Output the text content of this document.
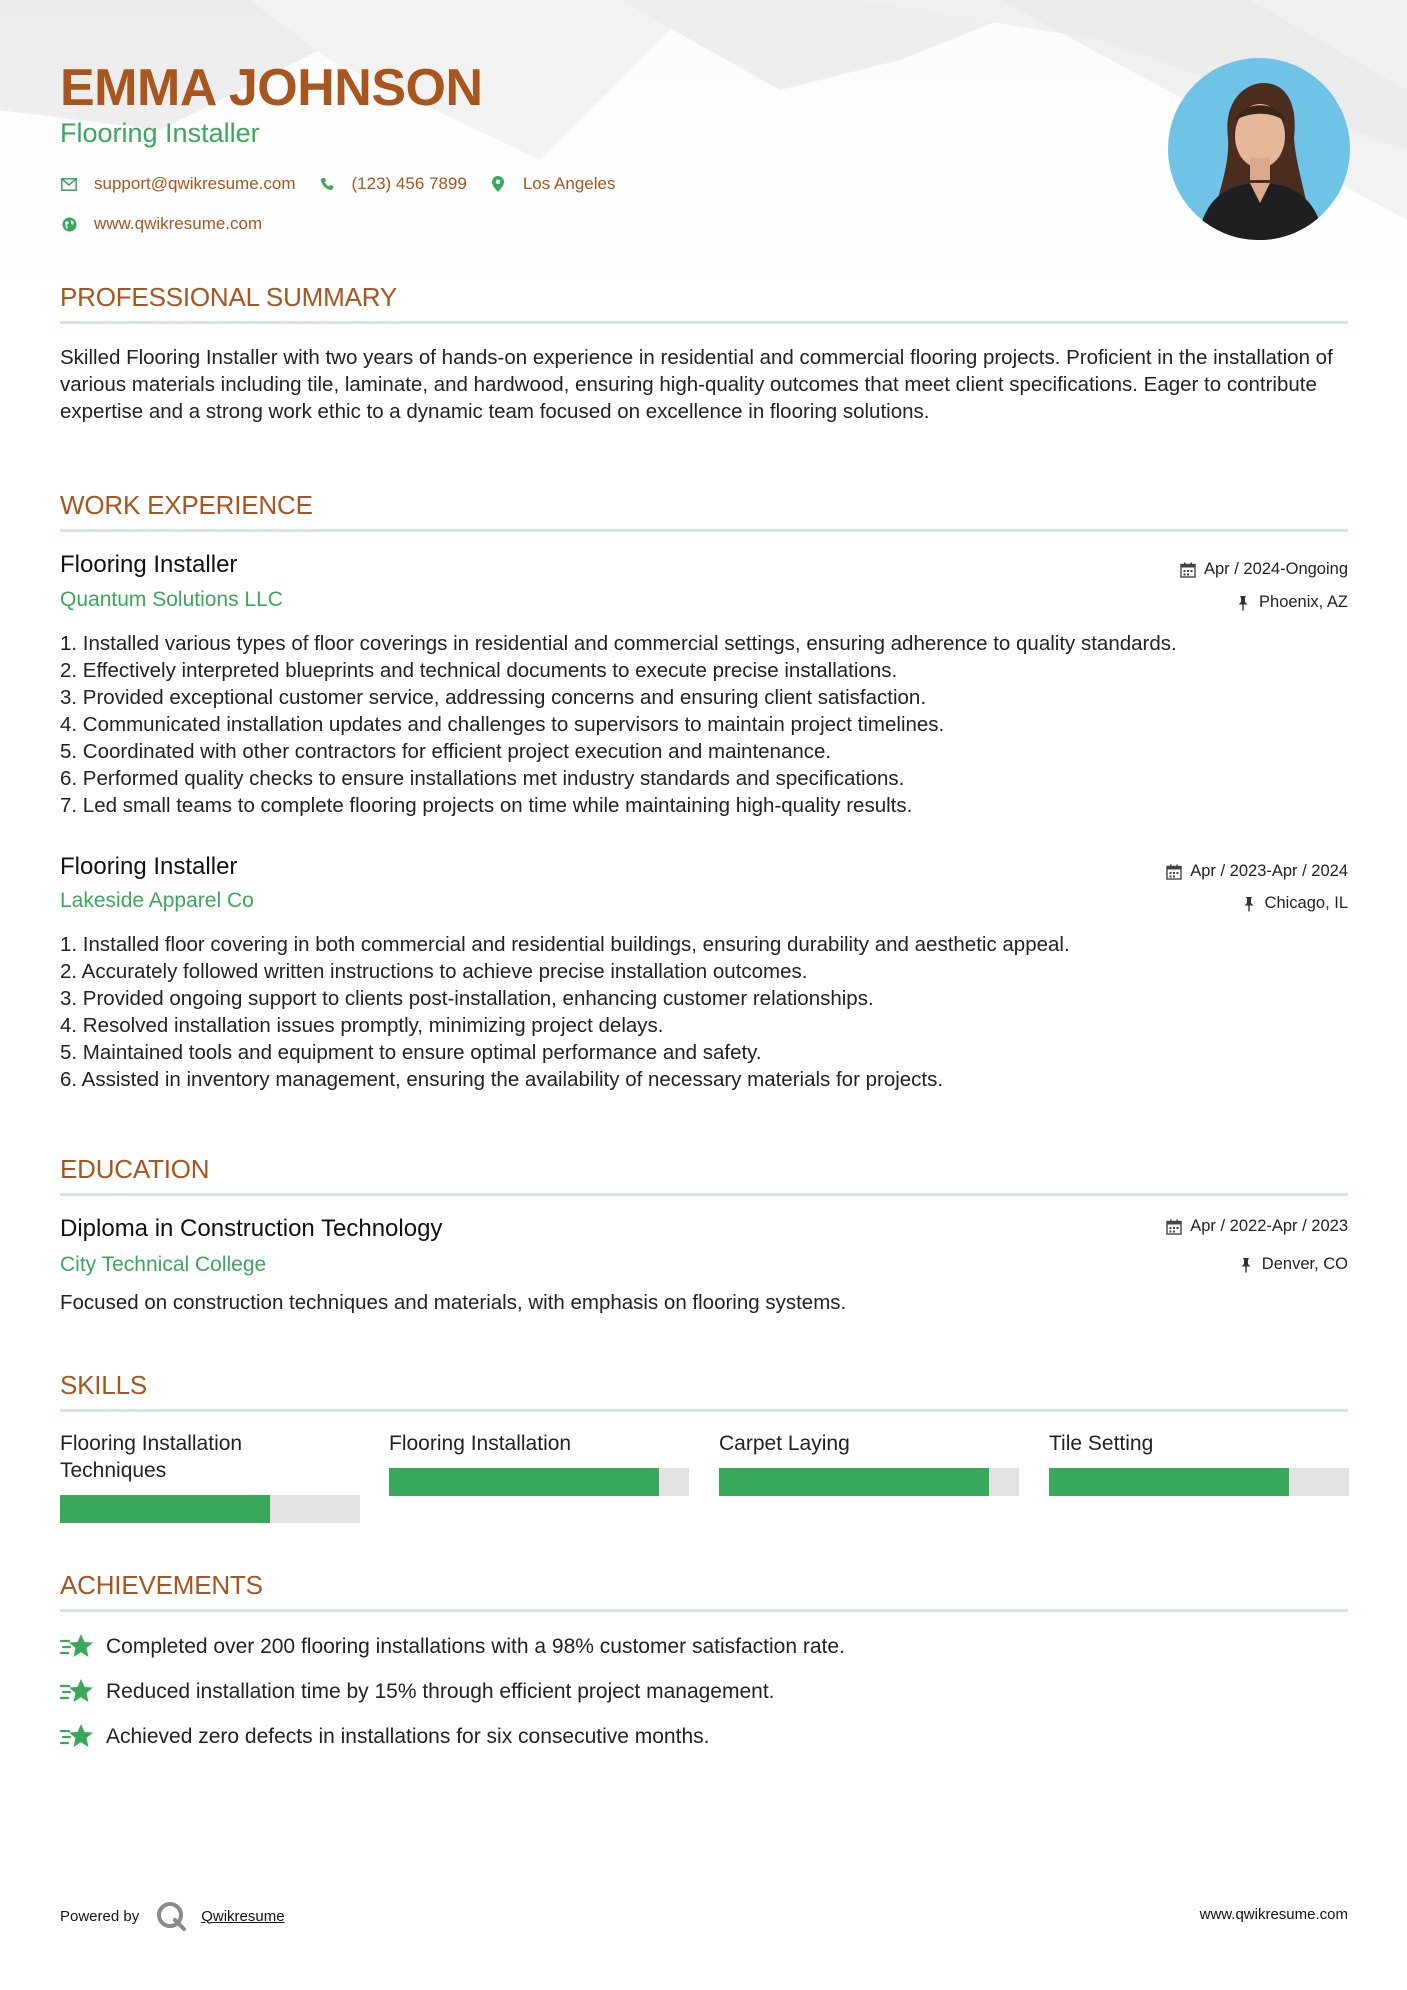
EMMA JOHNSON
Flooring Installer
support@qwikresume.com	(123) 456 7899	Los Angeles
www.qwikresume.com
PROFESSIONAL SUMMARY
Skilled Flooring Installer with two years of hands-on experience in residential and commercial flooring projects. Proficient in the installation of various materials including tile, laminate, and hardwood, ensuring high-quality outcomes that meet client specifications. Eager to contribute expertise and a strong work ethic to a dynamic team focused on excellence in flooring solutions.
WORK EXPERIENCE
Flooring Installer	Apr / 2024-Ongoing
Quantum Solutions LLC	Phoenix, AZ
1. Installed various types of floor coverings in residential and commercial settings, ensuring adherence to quality standards.
2. Effectively interpreted blueprints and technical documents to execute precise installations.
3. Provided exceptional customer service, addressing concerns and ensuring client satisfaction.
4. Communicated installation updates and challenges to supervisors to maintain project timelines.
5. Coordinated with other contractors for efficient project execution and maintenance.
6. Performed quality checks to ensure installations met industry standards and specifications.
7. Led small teams to complete flooring projects on time while maintaining high-quality results.
Flooring Installer	Apr / 2023-Apr / 2024
Lakeside Apparel Co	Chicago, IL
1. Installed floor covering in both commercial and residential buildings, ensuring durability and aesthetic appeal.
2. Accurately followed written instructions to achieve precise installation outcomes.
3. Provided ongoing support to clients post-installation, enhancing customer relationships.
4. Resolved installation issues promptly, minimizing project delays.
5. Maintained tools and equipment to ensure optimal performance and safety.
6. Assisted in inventory management, ensuring the availability of necessary materials for projects.
EDUCATION
Diploma in Construction Technology	Apr / 2022-Apr / 2023
City Technical College	Denver, CO
Focused on construction techniques and materials, with emphasis on flooring systems.
SKILLS
Flooring Installation Techniques
Flooring Installation	Carpet Laying	Tile Setting
ACHIEVEMENTS
Completed over 200 flooring installations with a 98% customer satisfaction rate.
Reduced installation time by 15% through efficient project management.
Achieved zero defects in installations for six consecutive months.
Powered by	Qwikresume	www.qwikresume.com
